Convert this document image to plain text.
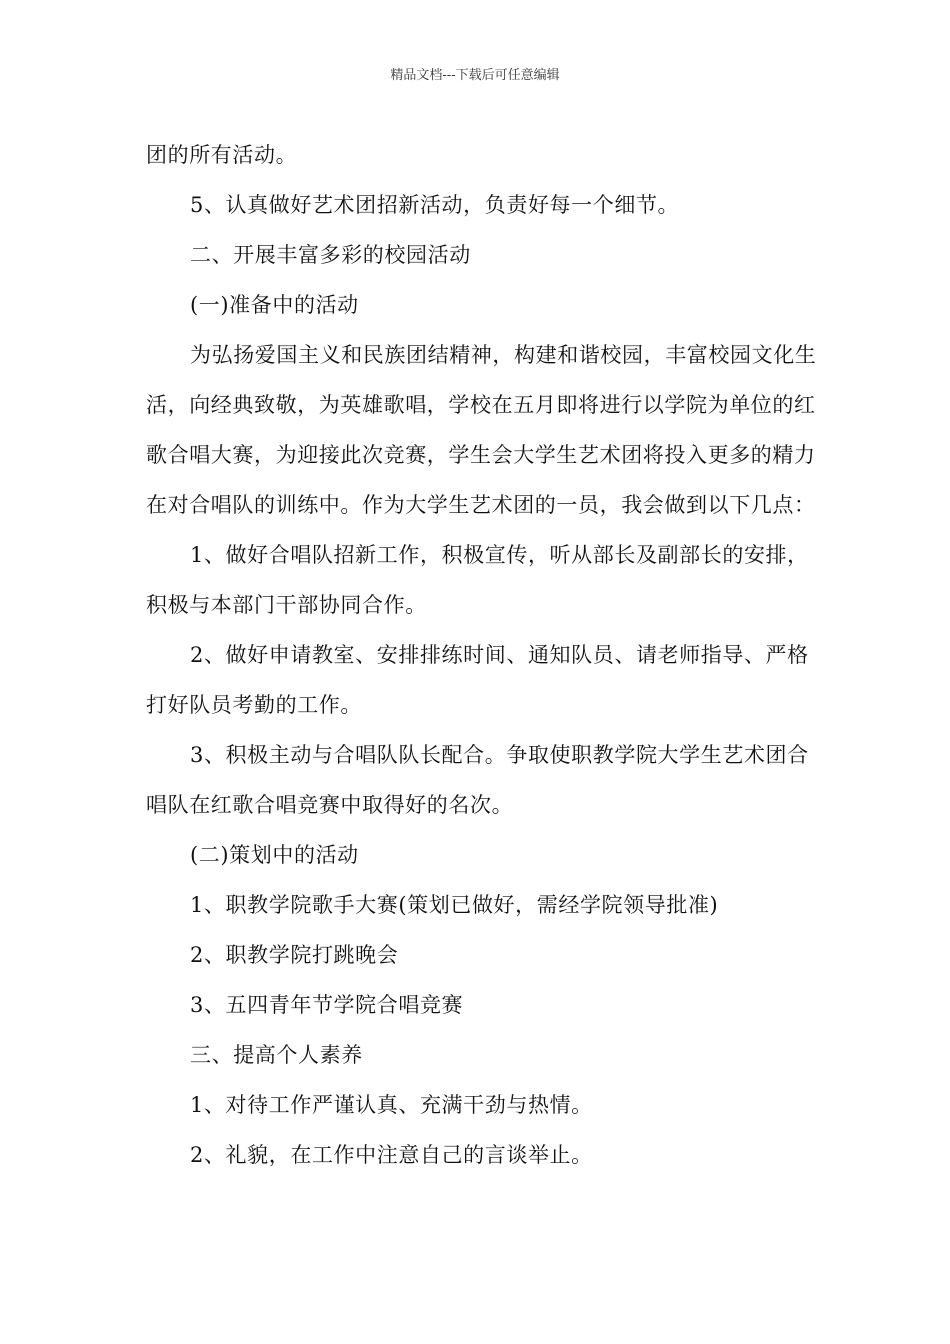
精品文档---下载后可任意编辑

团的所有活动。

5、认真做好艺术团招新活动，负责好每一个细节。

二、开展丰富多彩的校园活动

(一)准备中的活动

为弘扬爱国主义和民族团结精神，构建和谐校园，丰富校园文化生活，向经典致敬，为英雄歌唱，学校在五月即将进行以学院为单位的红歌合唱大赛，为迎接此次竞赛，学生会大学生艺术团将投入更多的精力在对合唱队的训练中。作为大学生艺术团的一员，我会做到以下几点：

1、做好合唱队招新工作，积极宣传，听从部长及副部长的安排，积极与本部门干部协同合作。

2、做好申请教室、安排排练时间、通知队员、请老师指导、严格打好队员考勤的工作。

3、积极主动与合唱队队长配合。争取使职教学院大学生艺术团合唱队在红歌合唱竞赛中取得好的名次。

(二)策划中的活动

1、职教学院歌手大赛(策划已做好，需经学院领导批准)

2、职教学院打跳晚会

3、五四青年节学院合唱竞赛

三、提高个人素养

1、对待工作严谨认真、充满干劲与热情。

2、礼貌，在工作中注意自己的言谈举止。
